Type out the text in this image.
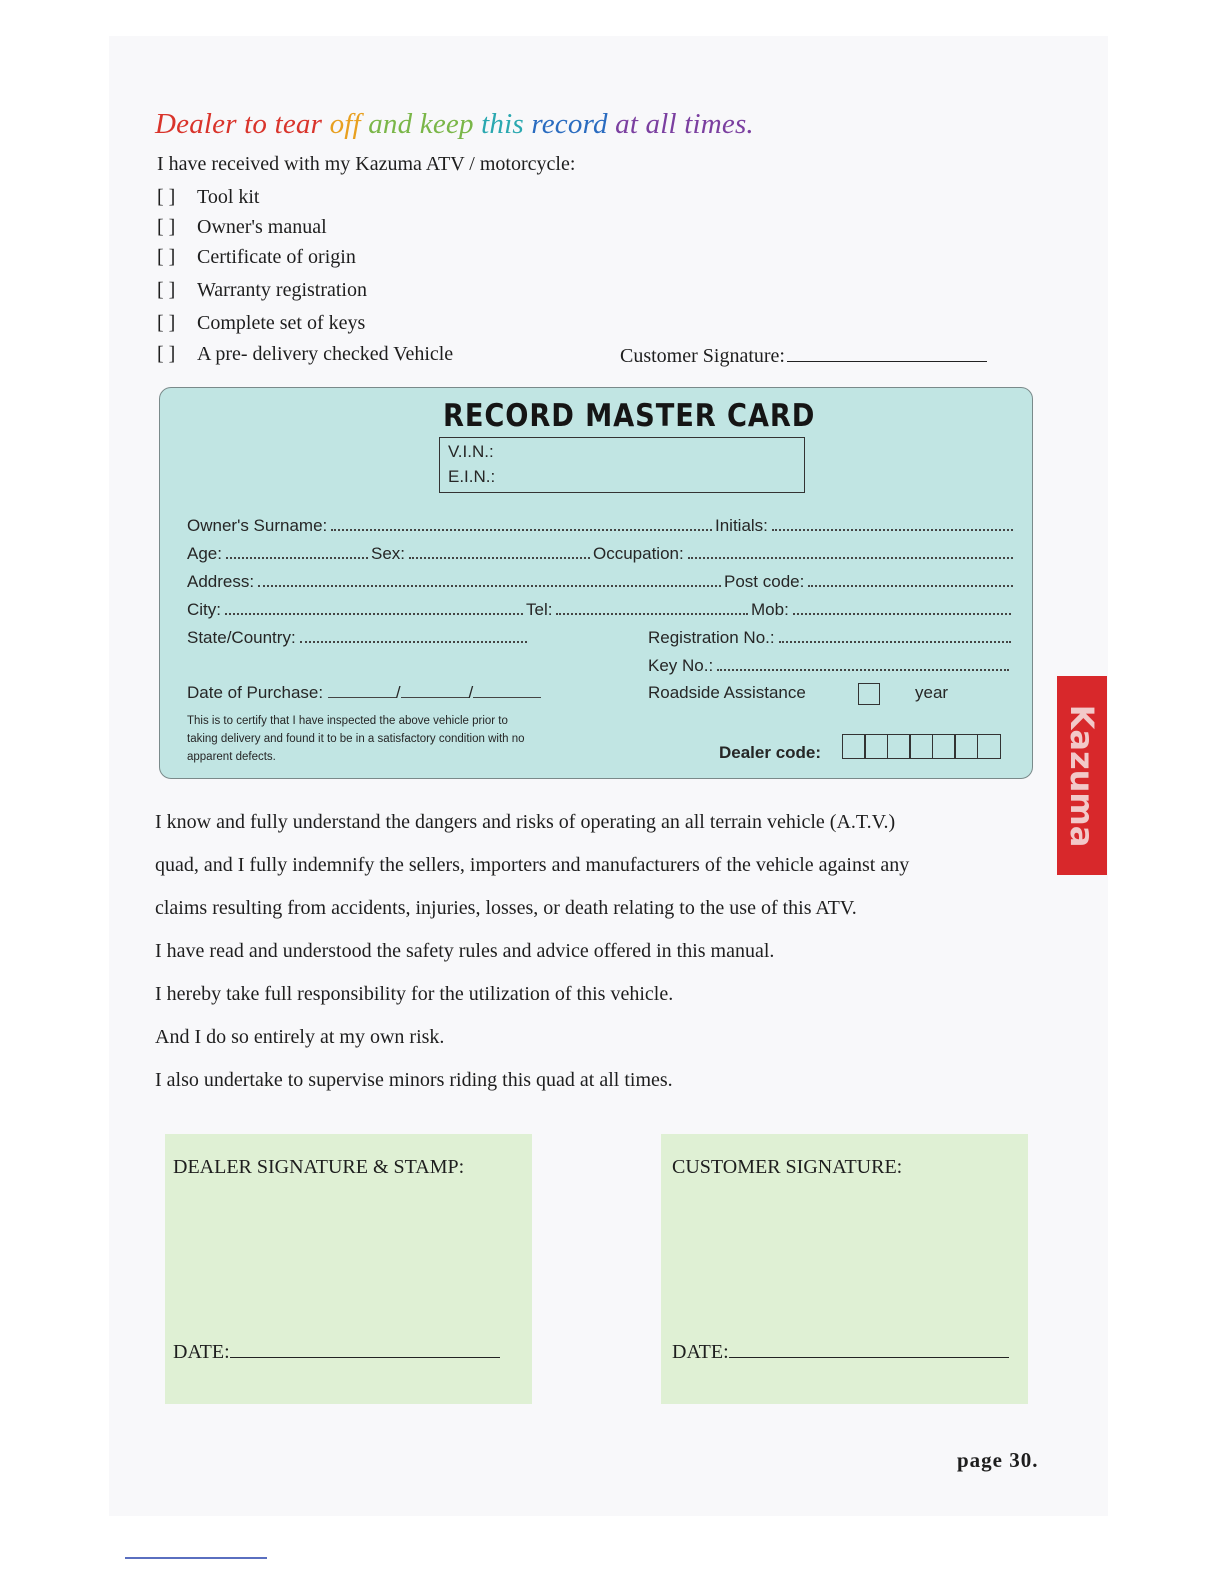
Dealer to tear off and keep this record at all times.
I have received with my Kazuma ATV / motorcycle:
[ ] Tool kit
[ ] Owner's manual
[ ] Certificate of origin
[ ] Warranty registration
[ ] Complete set of keys
[ ] A pre- delivery checked Vehicle	Customer Signature:
RECORD MASTER CARD
V.I.N.:
E.I.N.:
Owner's Surname:	Initials:
Age:	Sex:	Occupation:
Address:	Post code:
City:	Tel:	Mob:
State/Country:	Registration No.:
Key No.:
Date of Purchase:	/	/	Roadside Assistance	year
This is to certify that I have inspected the above vehicle prior to taking delivery and found it to be in a satisfactory condition with no apparent defects.	Dealer code:
I know and fully understand the dangers and risks of operating an all terrain vehicle (A.T.V.)
quad, and I fully indemnify the sellers, importers and manufacturers of the vehicle against any
claims resulting from accidents, injuries, losses, or death relating to the use of this ATV.
I have read and understood the safety rules and advice offered in this manual.
I hereby take full responsibility for the utilization of this vehicle.
And I do so entirely at my own risk.
I also undertake to supervise minors riding this quad at all times.
DEALER SIGNATURE & STAMP:
DATE:
CUSTOMER SIGNATURE:
DATE:
Kazuma
page 30.
